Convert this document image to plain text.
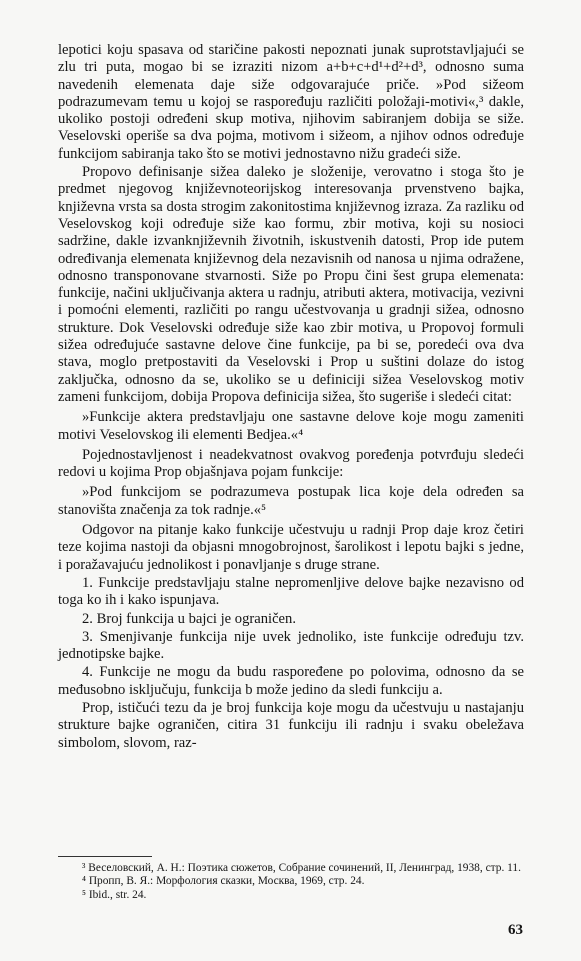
lepotici koju spasava od staričine pakosti nepoznati junak suprotstavljajući se zlu tri puta, mogao bi se izraziti nizom a+b+c+d¹+d²+d³, odnosno suma navedenih elemenata daje siže odgovarajuće priče. »Pod sižeom podrazumevam temu u kojoj se raspoređuju različiti položaji-motivi«,³ dakle, ukoliko postoji određeni skup motiva, njihovim sabiranjem dobija se siže. Veselovski operiše sa dva pojma, motivom i sižeom, a njihov odnos određuje funkcijom sabiranja tako što se motivi jednostavno nižu gradeći siže.

Propovo definisanje sižea daleko je složenije, verovatno i stoga što je predmet njegovog književnoteorijskog interesovanja prvenstveno bajka, književna vrsta sa dosta strogim zakonitostima književnog izraza. Za razliku od Veselovskog koji određuje siže kao formu, zbir motiva, koji su nosioci sadržine, dakle izvanknjiževnih životnih, iskustvenih datosti, Prop ide putem određivanja elemenata književnog dela nezavisnih od nanosa u njima odražene, odnosno transponovane stvarnosti. Siže po Propu čini šest grupa elemenata: funkcije, načini uključivanja aktera u radnju, atributi aktera, motivacija, vezivni i pomoćni elementi, različiti po rangu učestvovanja u gradnji sižea, odnosno strukture. Dok Veselovski određuje siže kao zbir motiva, u Propovoj formuli sižea određujuće sastavne delove čine funkcije, pa bi se, poredeći ova dva stava, moglo pretpostaviti da Veselovski i Prop u suštini dolaze do istog zaključka, odnosno da se, ukoliko se u definiciji sižea Veselovskog motiv zameni funkcijom, dobija Propova definicija sižea, što sugeriše i sledeći citat:

»Funkcije aktera predstavljaju one sastavne delove koje mogu zameniti motivi Veselovskog ili elementi Bedjea.«⁴

Pojednostavljenost i neadekvatnost ovakvog poređenja potvrđuju sledeći redovi u kojima Prop objašnjava pojam funkcije:

»Pod funkcijom se podrazumeva postupak lica koje dela određen sa stanovišta značenja za tok radnje.«⁵

Odgovor na pitanje kako funkcije učestvuju u radnji Prop daje kroz četiri teze kojima nastoji da objasni mnogobrojnost, šarolikost i lepotu bajki s jedne, i poražavajuću jednolikost i ponavljanje s druge strane.

1. Funkcije predstavljaju stalne nepromenljive delove bajke nezavisno od toga ko ih i kako ispunjava.

2. Broj funkcija u bajci je ograničen.

3. Smenjivanje funkcija nije uvek jednoliko, iste funkcije određuju tzv. jednotipske bajke.

4. Funkcije ne mogu da budu raspoređene po polovima, odnosno da se međusobno isključuju, funkcija b može jedino da sledi funkciju a.

Prop, ističući tezu da je broj funkcija koje mogu da učestvuju u nastajanju strukture bajke ograničen, citira 31 funkciju ili radnju i svaku obeležava simbolom, slovom, raz-

³ Веселовский, А. Н.: Поэтика сюжетов, Собрание сочинений, II, Ленинград, 1938, стр. 11.

⁴ Пропп, В. Я.: Морфология сказки, Москва, 1969, стр. 24.

⁵ Ibid., str. 24.

63
